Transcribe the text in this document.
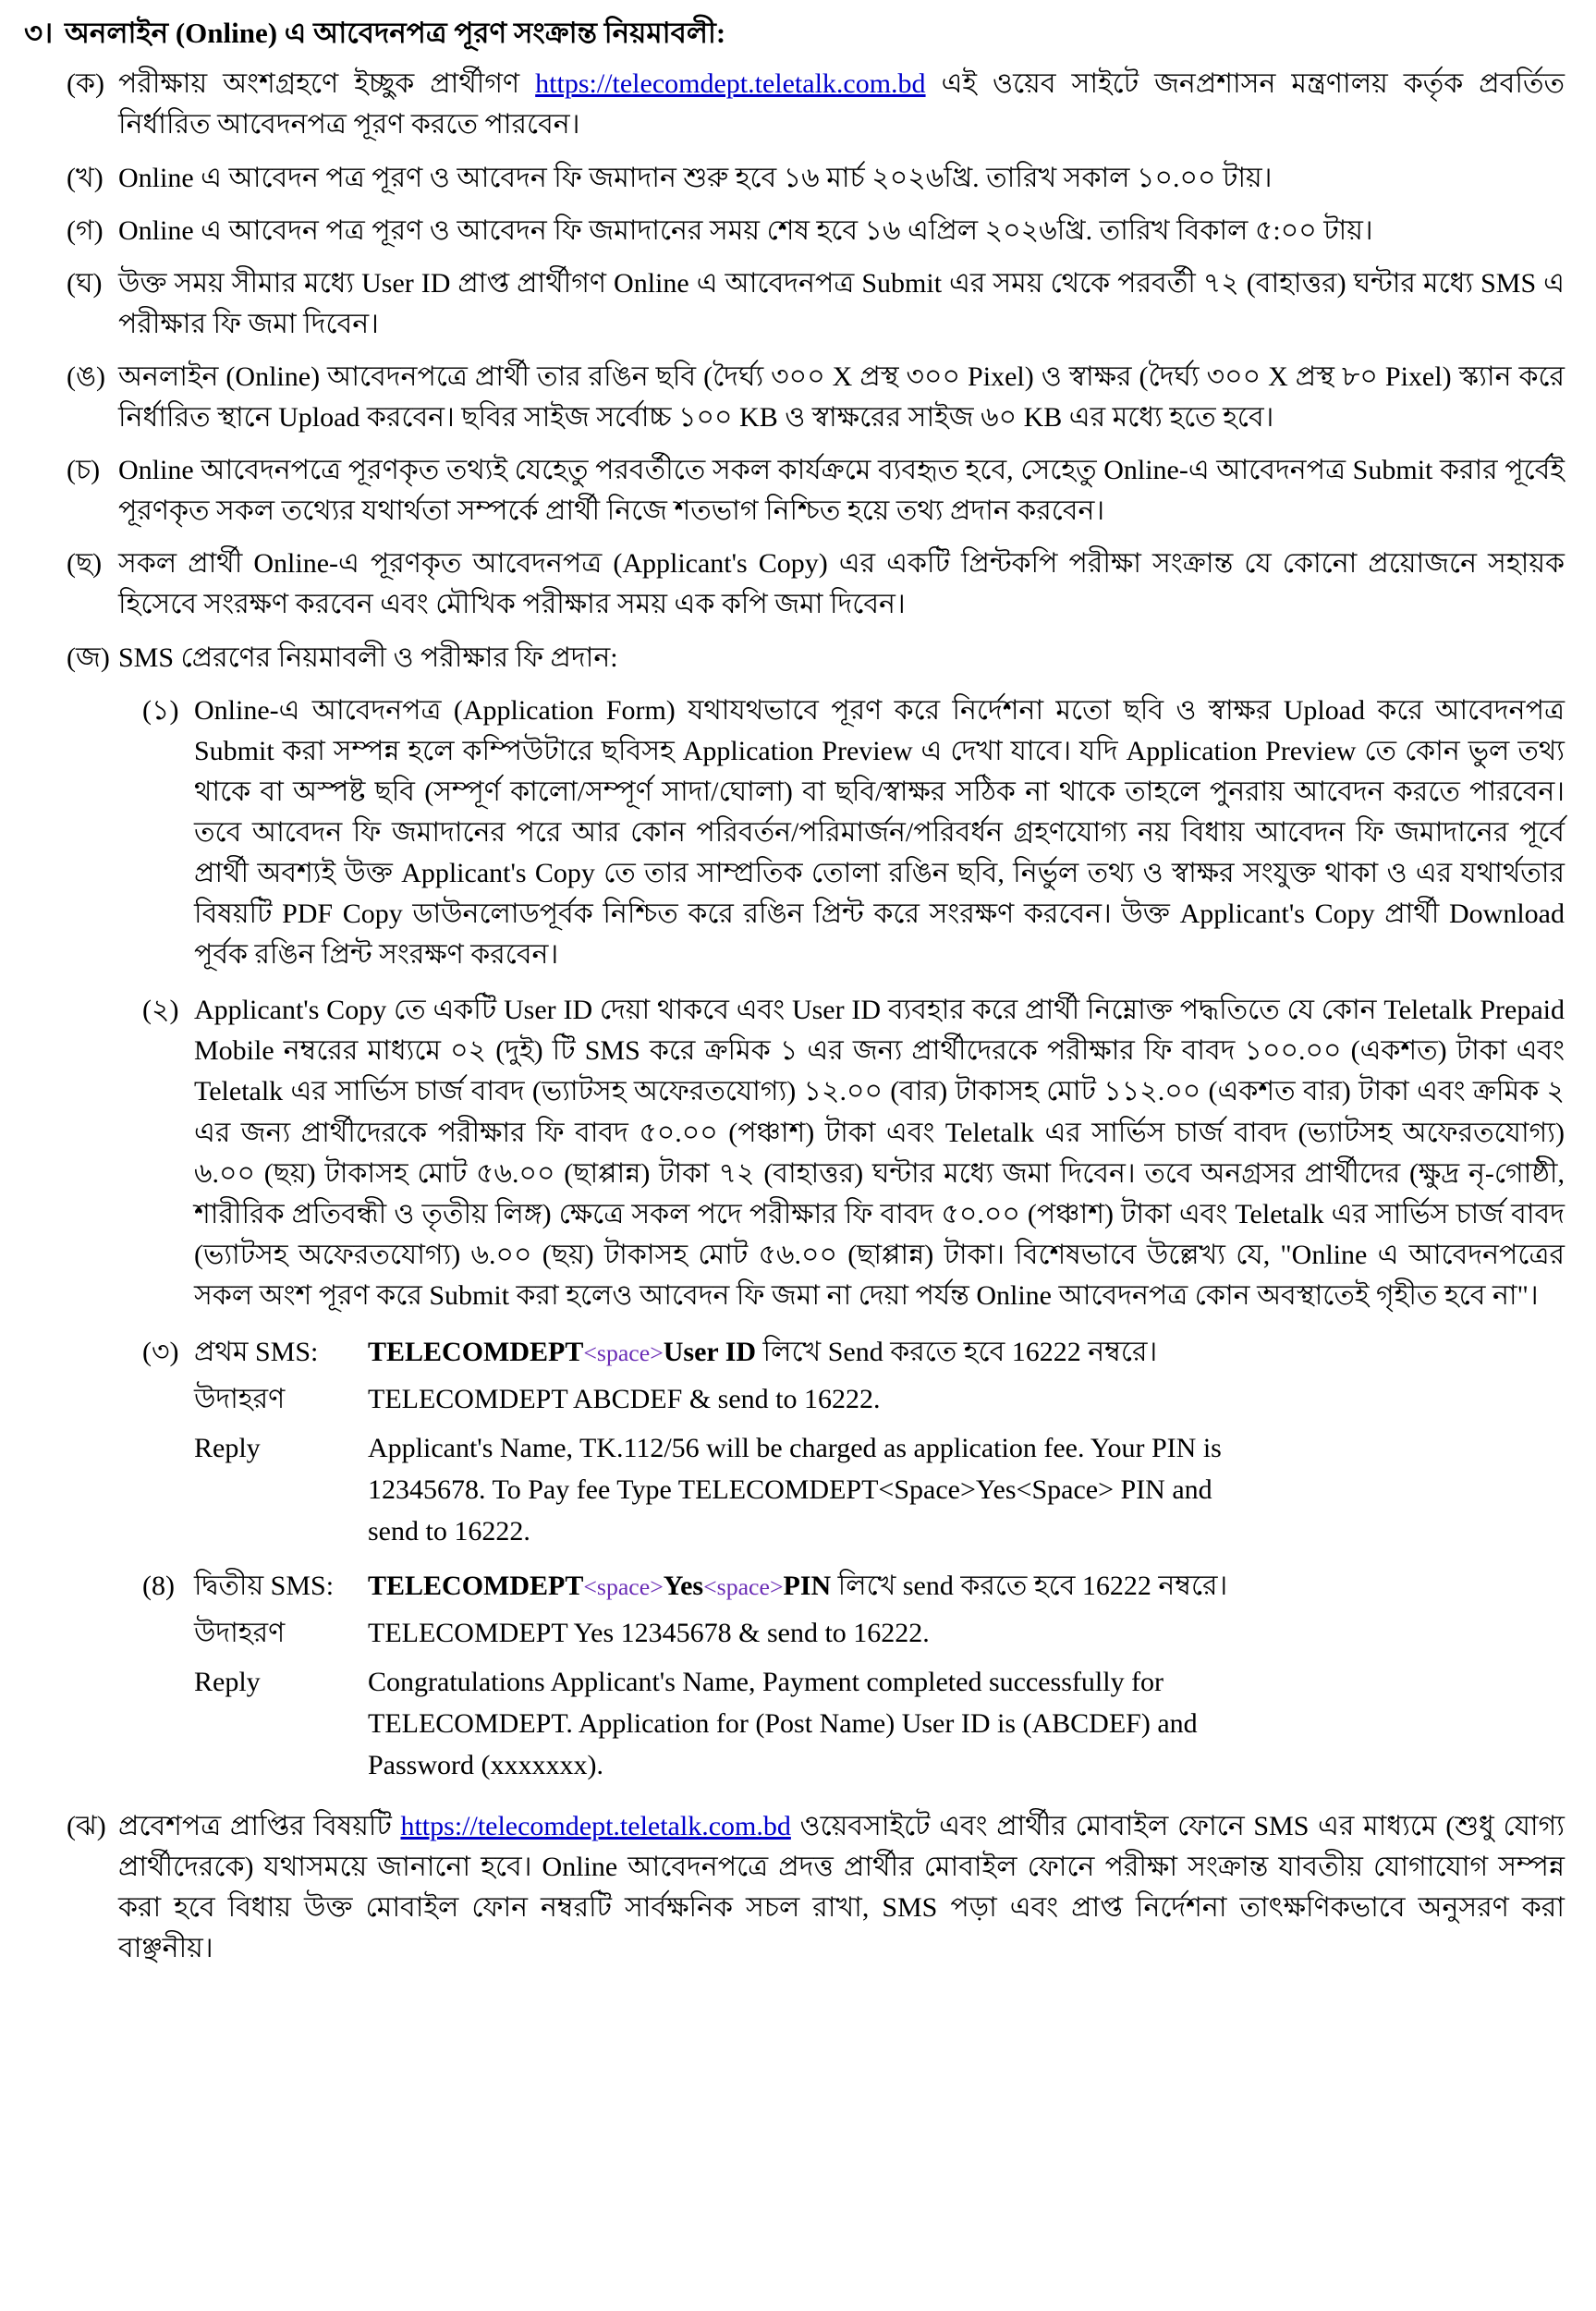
৩। অনলাইন (Online) এ আবেদনপত্র পূরণ সংক্রান্ত নিয়মাবলী:
(ক) পরীক্ষায় অংশগ্রহণে ইচ্ছুক প্রার্থীগণ https://telecomdept.teletalk.com.bd এই ওয়েব সাইটে জনপ্রশাসন মন্ত্রণালয় কর্তৃক প্রবর্তিত নির্ধারিত আবেদনপত্র পূরণ করতে পারবেন।
(খ) Online এ আবেদন পত্র পূরণ ও আবেদন ফি জমাদান শুরু হবে ১৬ মার্চ ২০২৬খ্রি. তারিখ সকাল ১০.০০ টায়।
(গ) Online এ আবেদন পত্র পূরণ ও আবেদন ফি জমাদানের সময় শেষ হবে ১৬ এপ্রিল ২০২৬খ্রি. তারিখ বিকাল ৫:০০ টায়।
(ঘ) উক্ত সময় সীমার মধ্যে User ID প্রাপ্ত প্রার্থীগণ Online এ আবেদনপত্র Submit এর সময় থেকে পরবর্তী ৭২ (বাহাত্তর) ঘন্টার মধ্যে SMS এ পরীক্ষার ফি জমা দিবেন।
(ঙ) অনলাইন (Online) আবেদনপত্রে প্রার্থী তার রঙিন ছবি (দৈর্ঘ্য ৩০০ X প্রস্থ ৩০০ Pixel) ও স্বাক্ষর (দৈর্ঘ্য ৩০০ X প্রস্থ ৮০ Pixel) স্ক্যান করে নির্ধারিত স্থানে Upload করবেন। ছবির সাইজ সর্বোচ্চ ১০০ KB ও স্বাক্ষরের সাইজ ৬০ KB এর মধ্যে হতে হবে।
(চ) Online আবেদনপত্রে পূরণকৃত তথ্যই যেহেতু পরবর্তীতে সকল কার্যক্রমে ব্যবহৃত হবে, সেহেতু Online-এ আবেদনপত্র Submit করার পূর্বেই পূরণকৃত সকল তথ্যের যথার্থতা সম্পর্কে প্রার্থী নিজে শতভাগ নিশ্চিত হয়ে তথ্য প্রদান করবেন।
(ছ) সকল প্রার্থী Online-এ পূরণকৃত আবেদনপত্র (Applicant's Copy) এর একটি প্রিন্টকপি পরীক্ষা সংক্রান্ত যে কোনো প্রয়োজনে সহায়ক হিসেবে সংরক্ষণ করবেন এবং মৌখিক পরীক্ষার সময় এক কপি জমা দিবেন।
(জ) SMS প্রেরণের নিয়মাবলী ও পরীক্ষার ফি প্রদান:
(১) Online-এ আবেদনপত্র (Application Form) যথাযথভাবে পূরণ করে নির্দেশনা মতো ছবি ও স্বাক্ষর Upload করে আবেদনপত্র Submit করা সম্পন্ন হলে কম্পিউটারে ছবিসহ Application Preview এ দেখা যাবে। যদি Application Preview তে কোন ভুল তথ্য থাকে বা অস্পষ্ট ছবি (সম্পূর্ণ কালো/সম্পূর্ণ সাদা/ঘোলা) বা ছবি/স্বাক্ষর সঠিক না থাকে তাহলে পুনরায় আবেদন করতে পারবেন। তবে আবেদন ফি জমাদানের পরে আর কোন পরিবর্তন/পরিমার্জন/পরিবর্ধন গ্রহণযোগ্য নয় বিধায় আবেদন ফি জমাদানের পূর্বে প্রার্থী অবশ্যই উক্ত Applicant's Copy তে তার সাম্প্রতিক তোলা রঙিন ছবি, নির্ভুল তথ্য ও স্বাক্ষর সংযুক্ত থাকা ও এর যথার্থতার বিষয়টি PDF Copy ডাউনলোডপূর্বক নিশ্চিত করে রঙিন প্রিন্ট করে সংরক্ষণ করবেন। উক্ত Applicant's Copy প্রার্থী Download পূর্বক রঙিন প্রিন্ট সংরক্ষণ করবেন।
(২) Applicant's Copy তে একটি User ID দেয়া থাকবে এবং User ID ব্যবহার করে প্রার্থী নিম্নোক্ত পদ্ধতিতে যে কোন Teletalk Prepaid Mobile নম্বরের মাধ্যমে ০২ (দুই) টি SMS করে ক্রমিক ১ এর জন্য প্রার্থীদেরকে পরীক্ষার ফি বাবদ ১০০.০০ (একশত) টাকা এবং Teletalk এর সার্ভিস চার্জ বাবদ (ভ্যাটসহ অফেরতযোগ্য) ১২.০০ (বার) টাকাসহ মোট ১১২.০০ (একশত বার) টাকা এবং ক্রমিক ২ এর জন্য প্রার্থীদেরকে পরীক্ষার ফি বাবদ ৫০.০০ (পঞ্চাশ) টাকা এবং Teletalk এর সার্ভিস চার্জ বাবদ (ভ্যাটসহ অফেরতযোগ্য) ৬.০০ (ছয়) টাকাসহ মোট ৫৬.০০ (ছাপ্পান্ন) টাকা ৭২ (বাহাত্তর) ঘন্টার মধ্যে জমা দিবেন। তবে অনগ্রসর প্রার্থীদের (ক্ষুদ্র নৃ-গোষ্ঠী, শারীরিক প্রতিবন্ধী ও তৃতীয় লিঙ্গ) ক্ষেত্রে সকল পদে পরীক্ষার ফি বাবদ ৫০.০০ (পঞ্চাশ) টাকা এবং Teletalk এর সার্ভিস চার্জ বাবদ (ভ্যাটসহ অফেরতযোগ্য) ৬.০০ (ছয়) টাকাসহ মোট ৫৬.০০ (ছাপ্পান্ন) টাকা। বিশেষভাবে উল্লেখ্য যে, "Online এ আবেদনপত্রের সকল অংশ পূরণ করে Submit করা হলেও আবেদন ফি জমা না দেয়া পর্যন্ত Online আবেদনপত্র কোন অবস্থাতেই গৃহীত হবে না"।
(৩) প্রথম SMS:	TELECOMDEPT<space>User ID লিখে Send করতে হবে 16222 নম্বরে।
উদাহরণ	TELECOMDEPT ABCDEF & send to 16222.
Reply	Applicant's Name, TK.112/56 will be charged as application fee. Your PIN is
12345678. To Pay fee Type TELECOMDEPT<Space>Yes<Space> PIN and
send to 16222.
(8) দ্বিতীয় SMS:	TELECOMDEPT<space>Yes<space>PIN লিখে send করতে হবে 16222 নম্বরে।
উদাহরণ	TELECOMDEPT Yes 12345678 & send to 16222.
Reply	Congratulations Applicant's Name, Payment completed successfully for
TELECOMDEPT. Application for (Post Name) User ID is (ABCDEF) and
Password (xxxxxxx).
(ঝ) প্রবেশপত্র প্রাপ্তির বিষয়টি https://telecomdept.teletalk.com.bd ওয়েবসাইটে এবং প্রার্থীর মোবাইল ফোনে SMS এর মাধ্যমে (শুধু যোগ্য প্রার্থীদেরকে) যথাসময়ে জানানো হবে। Online আবেদনপত্রে প্রদত্ত প্রার্থীর মোবাইল ফোনে পরীক্ষা সংক্রান্ত যাবতীয় যোগাযোগ সম্পন্ন করা হবে বিধায় উক্ত মোবাইল ফোন নম্বরটি সার্বক্ষনিক সচল রাখা, SMS পড়া এবং প্রাপ্ত নির্দেশনা তাৎক্ষণিকভাবে অনুসরণ করা বাঞ্ছনীয়।
